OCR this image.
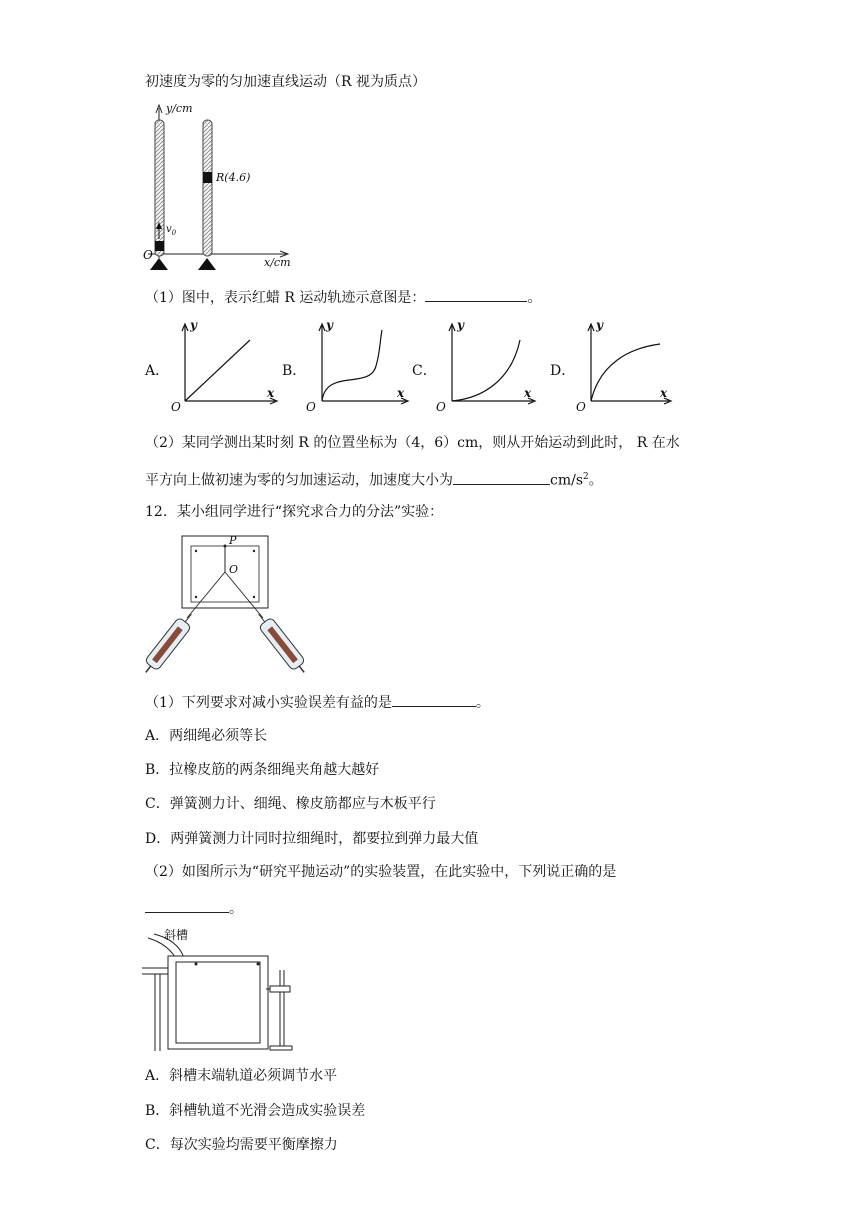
初速度为零的匀加速直线运动（R 视为质点）
y/cm
x/cm
O
$v_0$
R(4.6)
（1）图中，表示红蜡 R 运动轨迹示意图是：	。
A．
y
x
O
B．
y
x
O
C．
y
x
O
D．
y
x
O
（2）某同学测出某时刻 R 的位置坐标为（4，6）cm，则从开始运动到此时， R 在水
平方向上做初速为零的匀加速运动，加速度大小为	$cm/s^2$。
12．某小组同学进行“探究求合力的分法”实验：
P
O
（1）下列要求对减小实验误差有益的是	。
A．两细绳必须等长
B．拉橡皮筋的两条细绳夹角越大越好
C．弹簧测力计、细绳、橡皮筋都应与木板平行
D．两弹簧测力计同时拉细绳时，都要拉到弹力最大值
（2）如图所示为“研究平抛运动”的实验装置，在此实验中，下列说正确的是
。
斜槽
A．斜槽末端轨道必须调节水平
B．斜槽轨道不光滑会造成实验误差
C．每次实验均需要平衡摩擦力
